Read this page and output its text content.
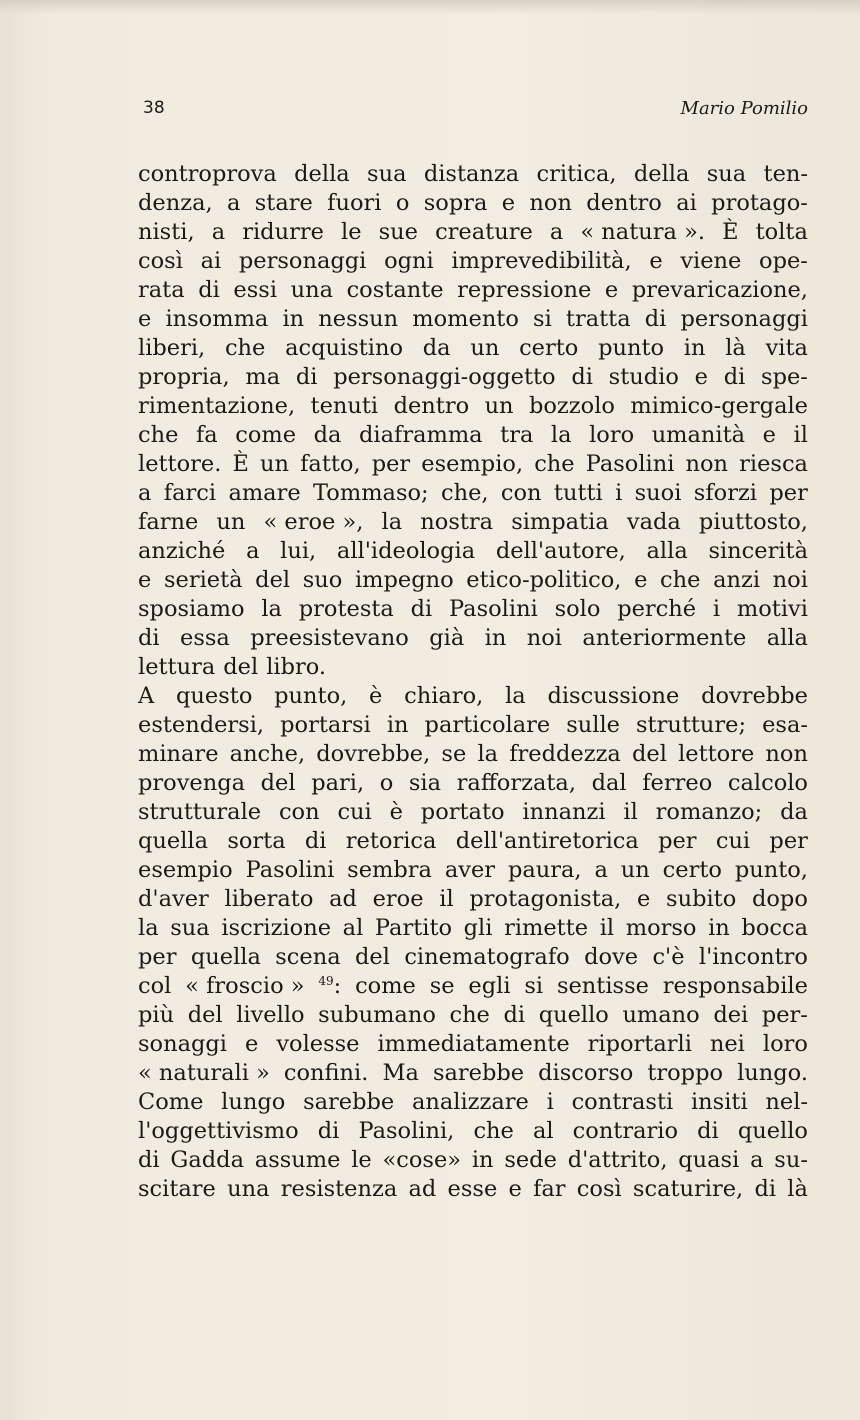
38	Mario Pomilio
controprova della sua distanza critica, della sua ten-
denza, a stare fuori o sopra e non dentro ai protago-
nisti, a ridurre le sue creature a « natura ». È tolta
così ai personaggi ogni imprevedibilità, e viene ope-
rata di essi una costante repressione e prevaricazione,
e insomma in nessun momento si tratta di personaggi
liberi, che acquistino da un certo punto in là vita
propria, ma di personaggi-oggetto di studio e di spe-
rimentazione, tenuti dentro un bozzolo mimico-gergale
che fa come da diaframma tra la loro umanità e il
lettore. È un fatto, per esempio, che Pasolini non riesca
a farci amare Tommaso; che, con tutti i suoi sforzi per
farne un « eroe », la nostra simpatia vada piuttosto,
anziché a lui, all'ideologia dell'autore, alla sincerità
e serietà del suo impegno etico-politico, e che anzi noi
sposiamo la protesta di Pasolini solo perché i motivi
di essa preesistevano già in noi anteriormente alla
lettura del libro.
A questo punto, è chiaro, la discussione dovrebbe
estendersi, portarsi in particolare sulle strutture; esa-
minare anche, dovrebbe, se la freddezza del lettore non
provenga del pari, o sia rafforzata, dal ferreo calcolo
strutturale con cui è portato innanzi il romanzo; da
quella sorta di retorica dell'antiretorica per cui per
esempio Pasolini sembra aver paura, a un certo punto,
d'aver liberato ad eroe il protagonista, e subito dopo
la sua iscrizione al Partito gli rimette il morso in bocca
per quella scena del cinematografo dove c'è l'incontro
col « froscio » $^{49}$: come se egli si sentisse responsabile
più del livello subumano che di quello umano dei per-
sonaggi e volesse immediatamente riportarli nei loro
« naturali » confini. Ma sarebbe discorso troppo lungo.
Come lungo sarebbe analizzare i contrasti insiti nel-
l'oggettivismo di Pasolini, che al contrario di quello
di Gadda assume le «cose» in sede d'attrito, quasi a su-
scitare una resistenza ad esse e far così scaturire, di là
